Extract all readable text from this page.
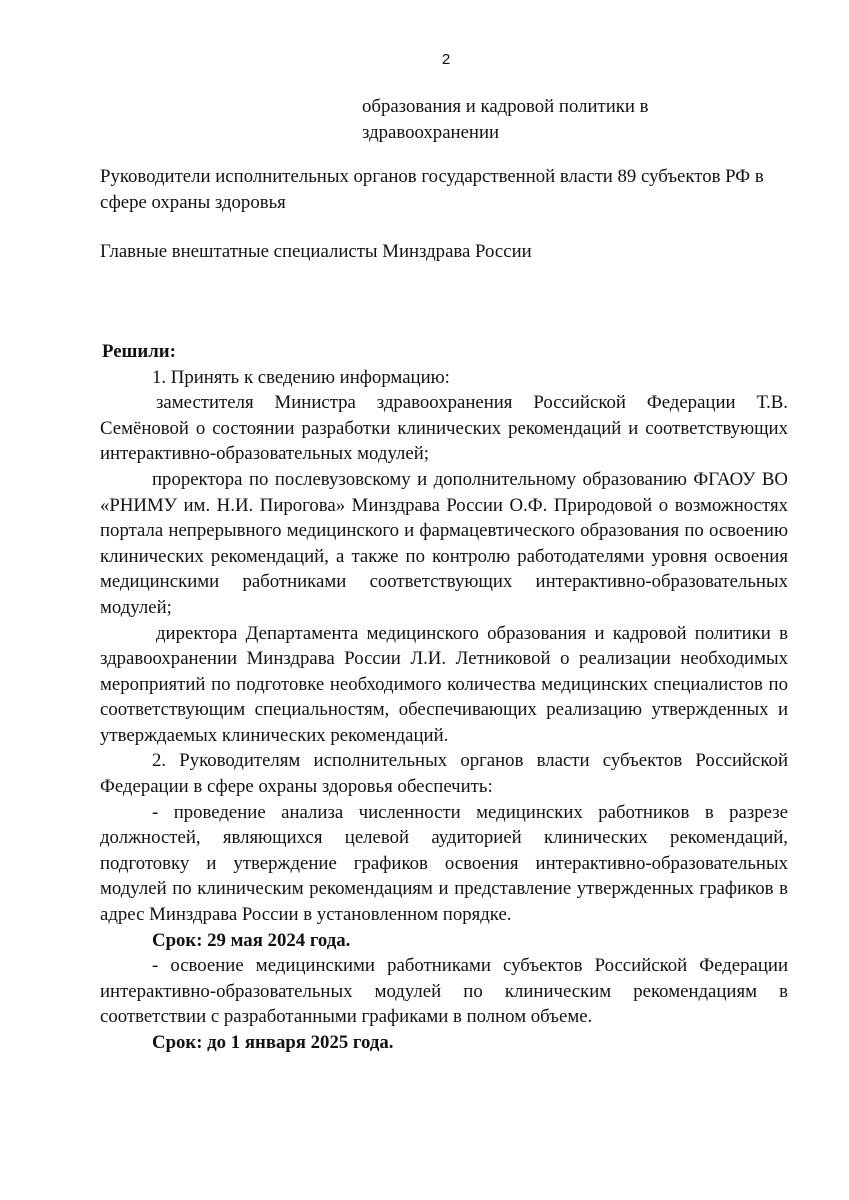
2
образования и кадровой политики в
здравоохранении

Руководители исполнительных органов государственной власти 89 субъектов РФ в сфере охраны здоровья

Главные внештатные специалисты Минздрава России

Решили:

1. Принять к сведению информацию:

заместителя Министра здравоохранения Российской Федерации Т.В. Семёновой о состоянии разработки клинических рекомендаций и соответствующих интерактивно-образовательных модулей;

проректора по послевузовскому и дополнительному образованию ФГАОУ ВО «РНИМУ им. Н.И. Пирогова» Минздрава России О.Ф. Природовой о возможностях портала непрерывного медицинского и фармацевтического образования по освоению клинических рекомендаций, а также по контролю работодателями уровня освоения медицинскими работниками соответствующих интерактивно-образовательных модулей;

директора Департамента медицинского образования и кадровой политики в здравоохранении Минздрава России Л.И. Летниковой о реализации необходимых мероприятий по подготовке необходимого количества медицинских специалистов по соответствующим специальностям, обеспечивающих реализацию утвержденных и утверждаемых клинических рекомендаций.

2. Руководителям исполнительных органов власти субъектов Российской Федерации в сфере охраны здоровья обеспечить:

- проведение анализа численности медицинских работников в разрезе должностей, являющихся целевой аудиторией клинических рекомендаций, подготовку и утверждение графиков освоения интерактивно-образовательных модулей по клиническим рекомендациям и представление утвержденных графиков в адрес Минздрава России в установленном порядке.

Срок: 29 мая 2024 года.

- освоение медицинскими работниками субъектов Российской Федерации интерактивно-образовательных модулей по клиническим рекомендациям в соответствии с разработанными графиками в полном объеме.

Срок: до 1 января 2025 года.
